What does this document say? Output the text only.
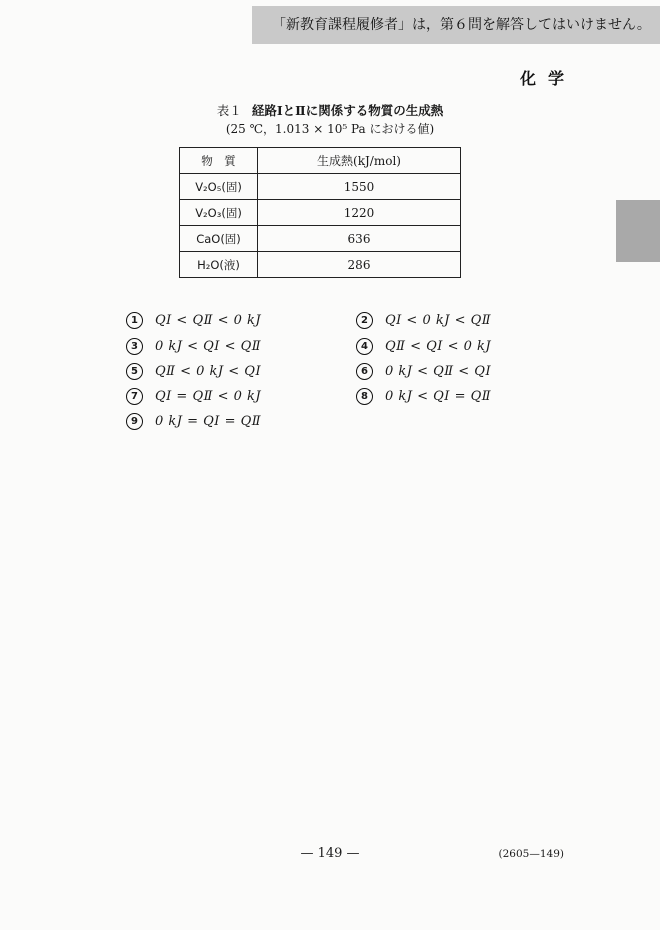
「新教育課程履修者」は，第６問を解答してはいけません。
化学
表１ 経路ⅠとⅡに関係する物質の生成熱
(25 ℃，1.013 × 10⁵ Pa における値)
物　質	生成熱(kJ/mol)
V₂O₅(固)	1550
V₂O₃(固)	1220
CaO(固)	636
H₂O(液)	286
1	QⅠ < QⅡ < 0 kJ	2	QⅠ < 0 kJ < QⅡ
3	0 kJ < QⅠ < QⅡ	4	QⅡ < QⅠ < 0 kJ
5	QⅡ < 0 kJ < QⅠ	6	0 kJ < QⅡ < QⅠ
7	QⅠ = QⅡ < 0 kJ	8	0 kJ < QⅠ = QⅡ
9	0 kJ = QⅠ = QⅡ
— 149 —	(2605—149)
